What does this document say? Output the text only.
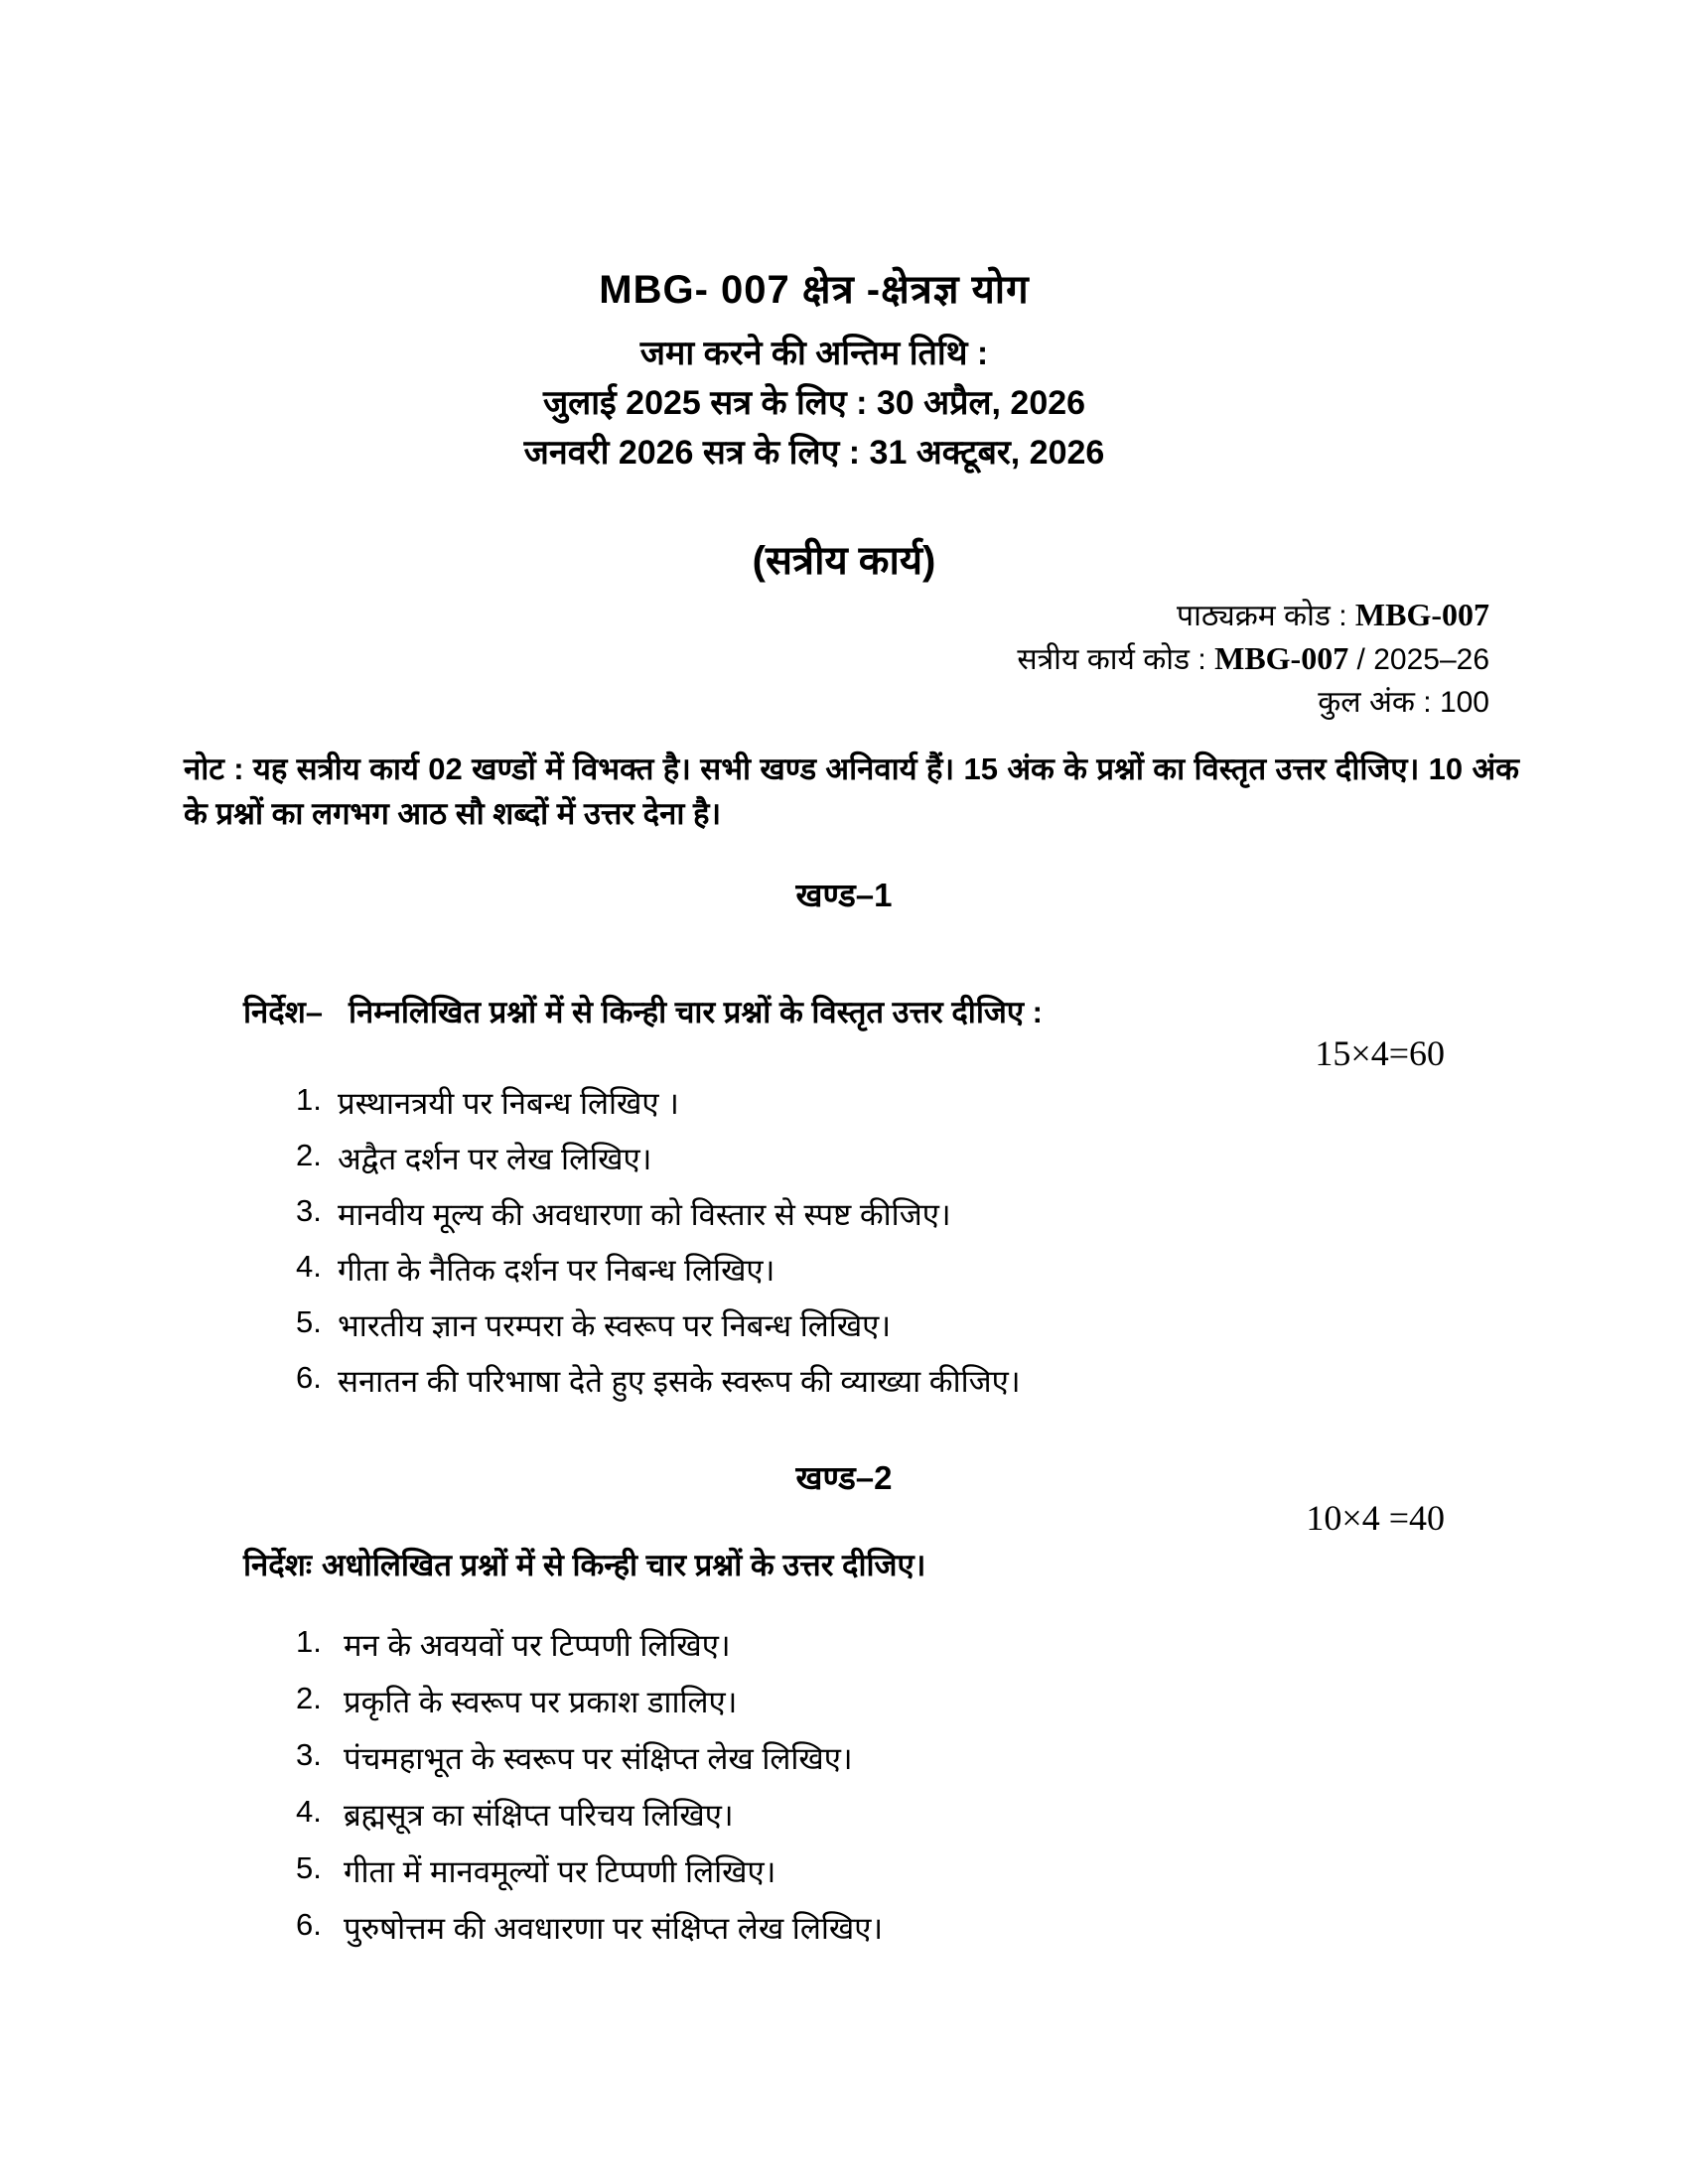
MBG- 007 क्षेत्र -क्षेत्रज्ञ योग
जमा करने की अन्तिम तिथि :
जुलाई 2025 सत्र के लिए : 30 अप्रैल, 2026
जनवरी 2026 सत्र के लिए : 31 अक्टूबर, 2026
(सत्रीय कार्य)
पाठ्यक्रम कोड : MBG-007
सत्रीय कार्य कोड : MBG-007 / 2025–26
कुल अंक : 100

नोट : यह सत्रीय कार्य 02 खण्डों में विभक्त है। सभी खण्ड अनिवार्य हैं। 15 अंक के प्रश्नों का विस्तृत उत्तर दीजिए। 10 अंक के प्रश्नों का लगभग आठ सौ शब्दों में उत्तर देना है।

खण्ड–1
निर्देश– निम्नलिखित प्रश्नों में से किन्ही चार प्रश्नों के विस्तृत उत्तर दीजिए :
15×4=60
1. प्रस्थानत्रयी पर निबन्ध लिखिए ।
2. अद्वैत दर्शन पर लेख लिखिए।
3. मानवीय मूल्य की अवधारणा को विस्तार से स्पष्ट कीजिए।
4. गीता के नैतिक दर्शन पर निबन्ध लिखिए।
5. भारतीय ज्ञान परम्परा के स्वरूप पर निबन्ध लिखिए।
6. सनातन की परिभाषा देते हुए इसके स्वरूप की व्याख्या कीजिए।
खण्ड–2
10×4 =40
निर्देशः अधोलिखित प्रश्नों में से किन्ही चार प्रश्नों के उत्तर दीजिए।
1. मन के अवयवों पर टिप्पणी लिखिए।
2. प्रकृति के स्वरूप पर प्रकाश डाालिए।
3. पंचमहाभूत के स्वरूप पर संक्षिप्त लेख लिखिए।
4. ब्रह्मसूत्र का संक्षिप्त परिचय लिखिए।
5. गीता में मानवमूल्यों पर टिप्पणी लिखिए।
6. पुरुषोत्तम की अवधारणा पर संक्षिप्त लेख लिखिए।
